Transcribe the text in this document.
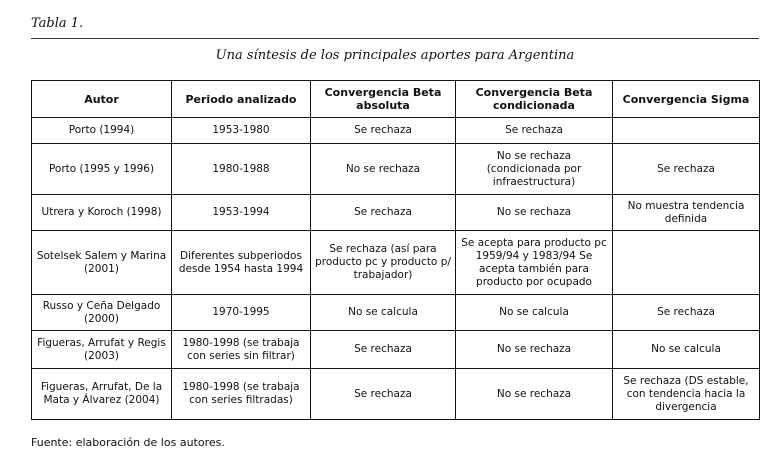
Tabla 1.
Una síntesis de los principales aportes para Argentina
Autor	Periodo analizado	Convergencia Beta absoluta	Convergencia Beta condicionada	Convergencia Sigma
Porto (1994)	1953-1980	Se rechaza	Se rechaza	
Porto (1995 y 1996)	1980-1988	No se rechaza	No se rechaza (condicionada por infraestructura)	Se rechaza
Utrera y Koroch (1998)	1953-1994	Se rechaza	No se rechaza	No muestra tendencia definida
Sotelsek Salem y Marina (2001)	Diferentes subperiodos desde 1954 hasta 1994	Se rechaza (así para producto pc y producto p/ trabajador)	Se acepta para producto pc 1959/94 y 1983/94 Se acepta también para producto por ocupado	
Russo y Ceña Delgado (2000)	1970-1995	No se calcula	No se calcula	Se rechaza
Figueras, Arrufat y Regis (2003)	1980-1998 (se trabaja con series sin filtrar)	Se rechaza	No se rechaza	No se calcula
Figueras, Arrufat, De la Mata y Álvarez (2004)	1980-1998 (se trabaja con series filtradas)	Se rechaza	No se rechaza	Se rechaza (DS estable, con tendencia hacia la divergencia
Fuente: elaboración de los autores.
